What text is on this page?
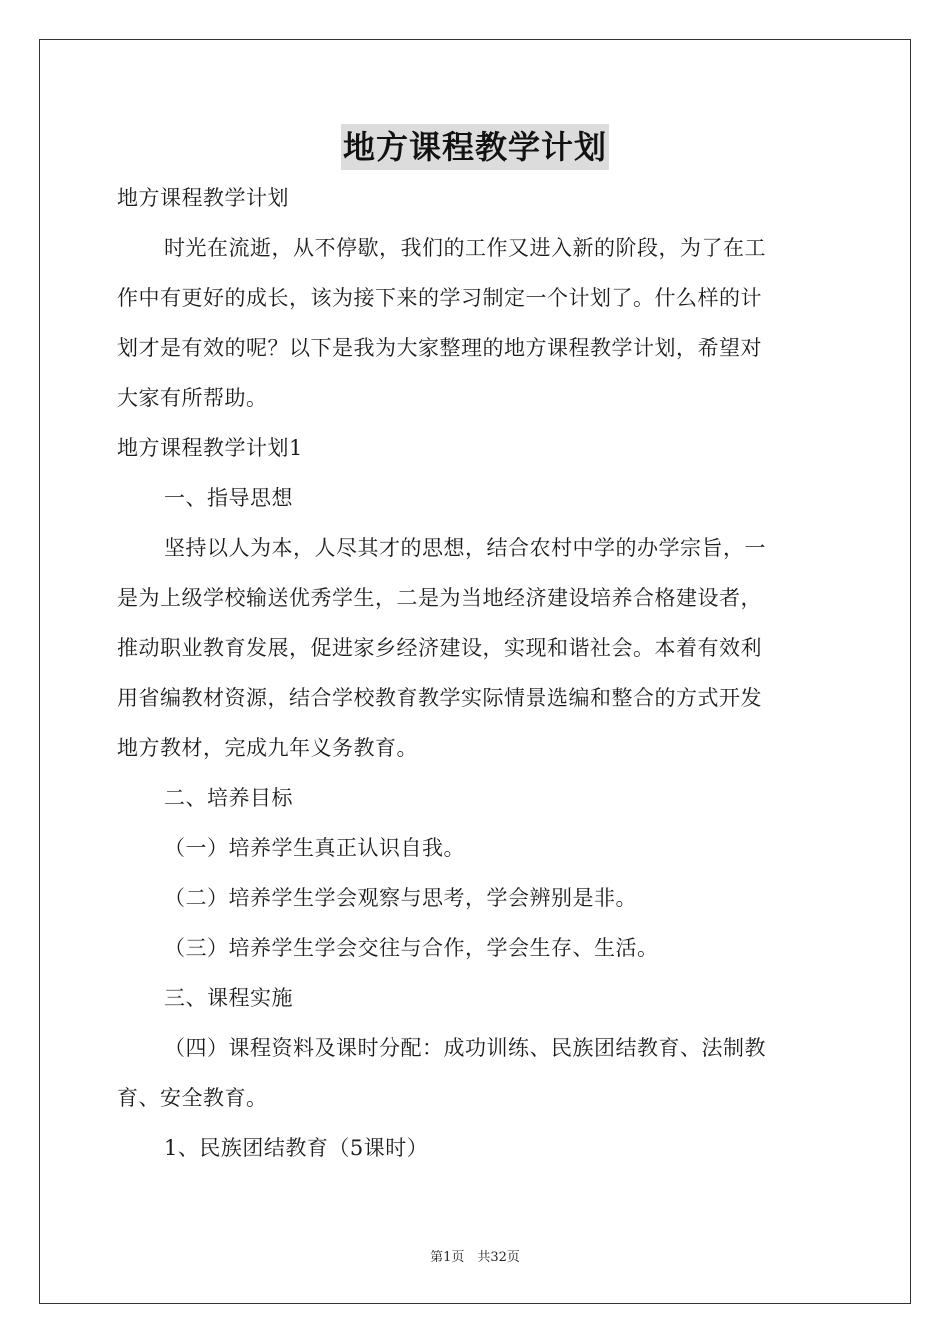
地方课程教学计划
地方课程教学计划
时光在流逝，从不停歇，我们的工作又进入新的阶段，为了在工
作中有更好的成长，该为接下来的学习制定一个计划了。什么样的计
划才是有效的呢？以下是我为大家整理的地方课程教学计划，希望对
大家有所帮助。
地方课程教学计划1
一、指导思想
坚持以人为本，人尽其才的思想，结合农村中学的办学宗旨，一
是为上级学校输送优秀学生，二是为当地经济建设培养合格建设者，
推动职业教育发展，促进家乡经济建设，实现和谐社会。本着有效利
用省编教材资源，结合学校教育教学实际情景选编和整合的方式开发
地方教材，完成九年义务教育。
二、培养目标
（一）培养学生真正认识自我。
（二）培养学生学会观察与思考，学会辨别是非。
（三）培养学生学会交往与合作，学会生存、生活。
三、课程实施
（四）课程资料及课时分配：成功训练、民族团结教育、法制教
育、安全教育。
1、民族团结教育（5课时）
第1页　共32页
